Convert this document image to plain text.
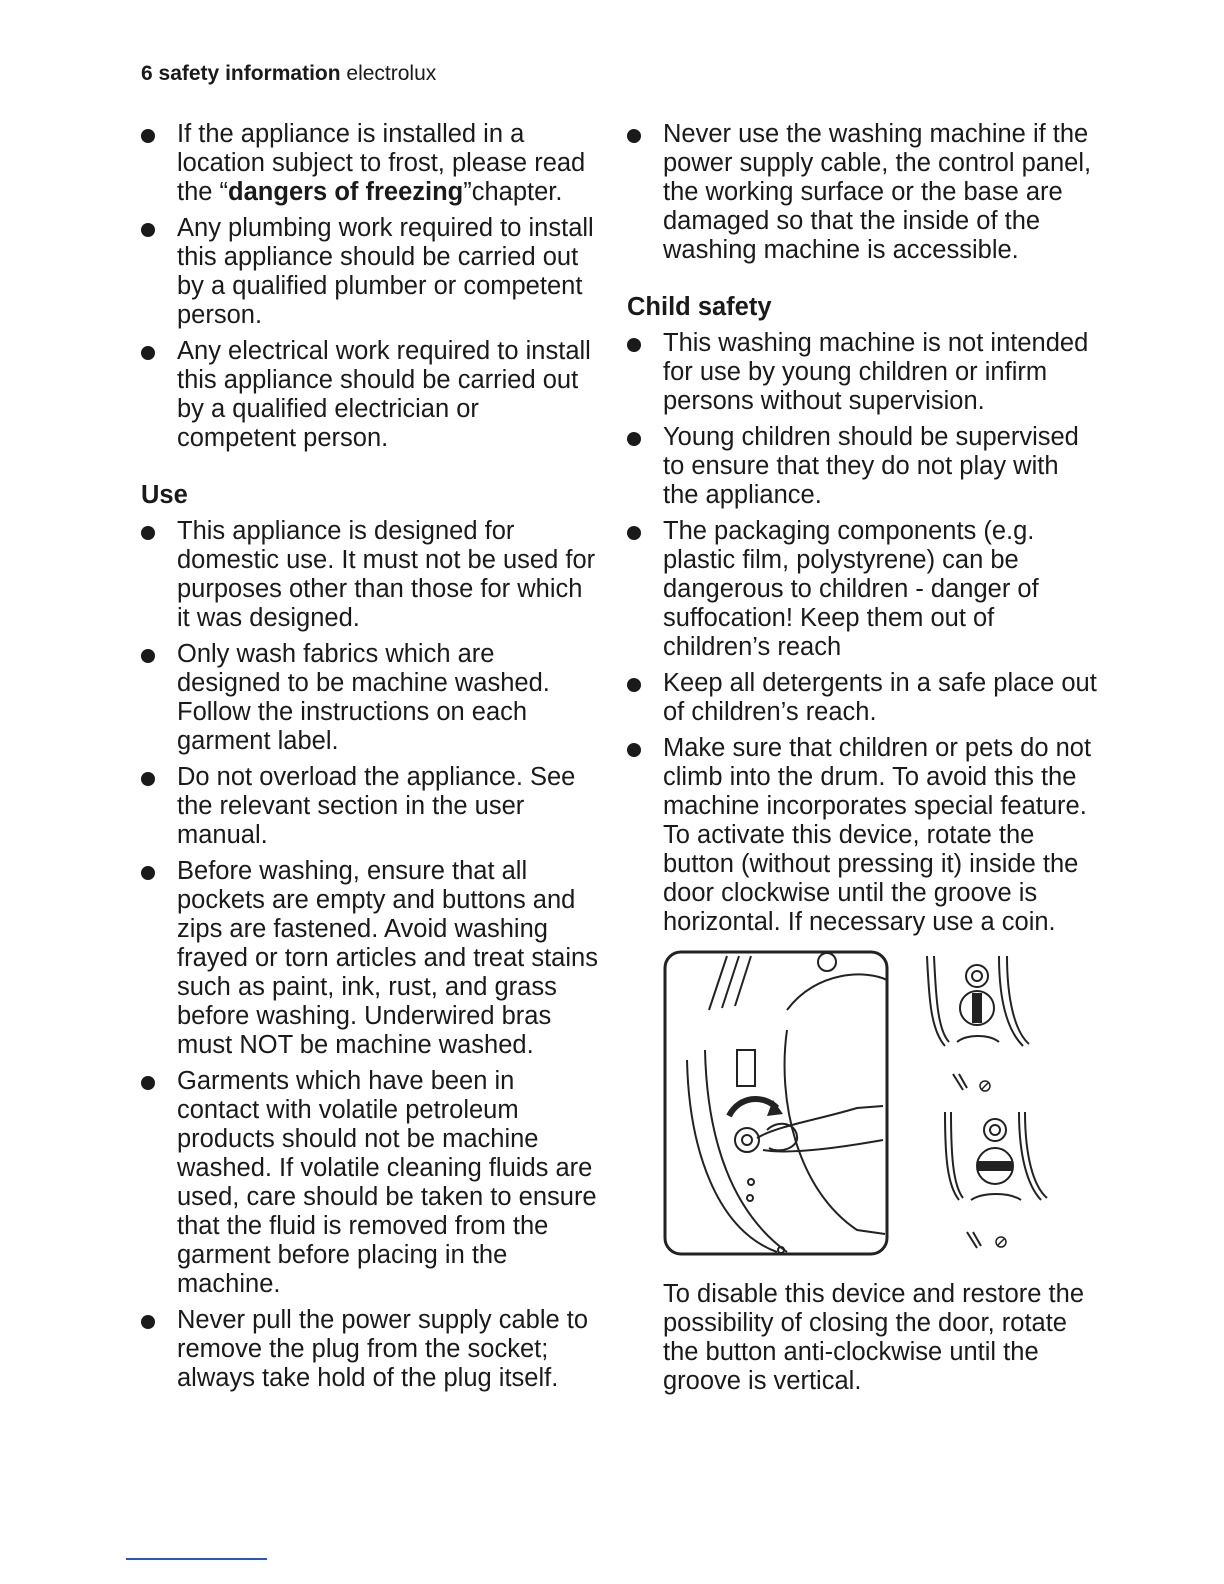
6 safety information electrolux
If the appliance is installed in a location subject to frost, please read the “dangers of freezing”chapter.
Any plumbing work required to install this appliance should be carried out by a qualified plumber or competent person.
Any electrical work required to install this appliance should be carried out by a qualified electrician or competent person.
Use
This appliance is designed for domestic use. It must not be used for purposes other than those for which it was designed.
Only wash fabrics which are designed to be machine washed. Follow the instructions on each garment label.
Do not overload the appliance. See the relevant section in the user manual.
Before washing, ensure that all pockets are empty and buttons and zips are fastened. Avoid washing frayed or torn articles and treat stains such as paint, ink, rust, and grass before washing. Underwired bras must NOT be machine washed.
Garments which have been in contact with volatile petroleum products should not be machine washed. If volatile cleaning fluids are used, care should be taken to ensure that the fluid is removed from the garment before placing in the machine.
Never pull the power supply cable to remove the plug from the socket; always take hold of the plug itself.
Never use the washing machine if the power supply cable, the control panel, the working surface or the base are damaged so that the inside of the washing machine is accessible.
Child safety
This washing machine is not intended for use by young children or infirm persons without supervision.
Young children should be supervised to ensure that they do not play with the appliance.
The packaging components (e.g. plastic film, polystyrene) can be dangerous to children - danger of suffocation! Keep them out of children’s reach
Keep all detergents in a safe place out of children’s reach.
Make sure that children or pets do not climb into the drum. To avoid this the machine incorporates special feature. To activate this device, rotate the button (without pressing it) inside the door clockwise until the groove is horizontal. If necessary use a coin.
To disable this device and restore the possibility of closing the door, rotate the button anti-clockwise until the groove is vertical.
